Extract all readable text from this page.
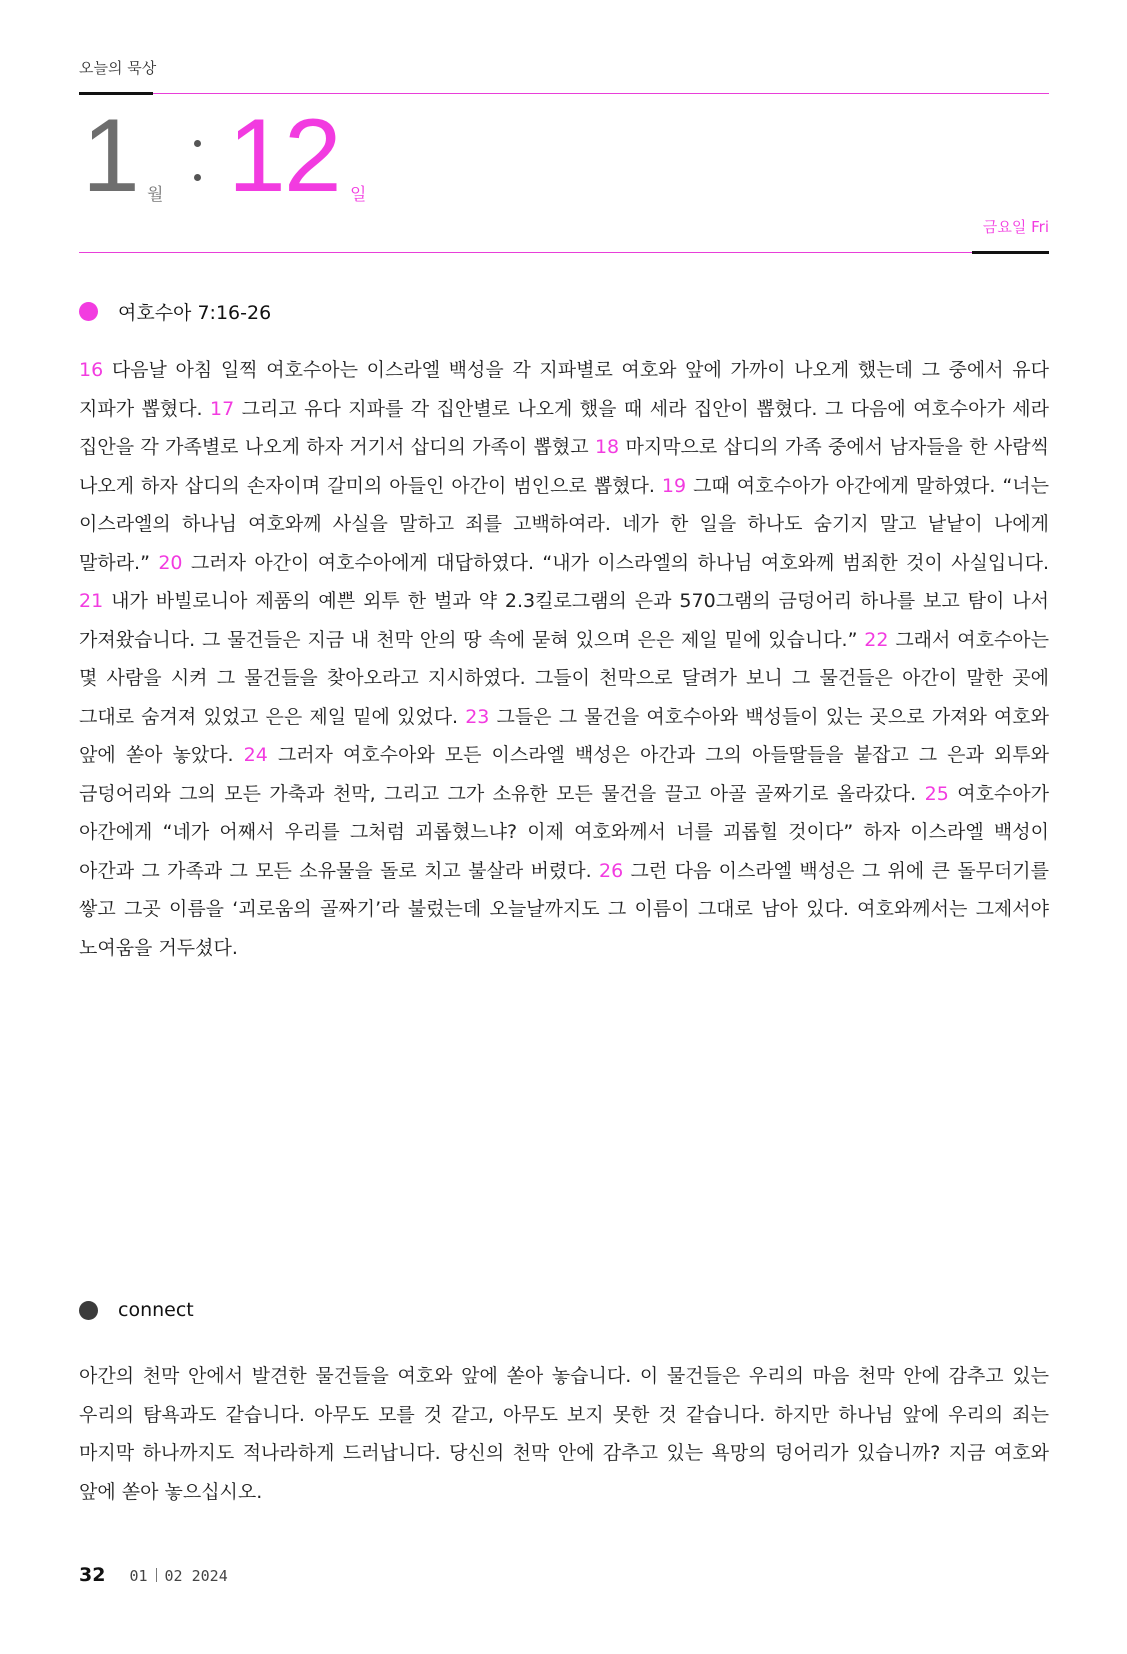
오늘의 묵상
1 월 12 일
금요일 Fri
여호수아 7:16-26
16 다음날 아침 일찍 여호수아는 이스라엘 백성을 각 지파별로 여호와 앞에 가까이 나오게 했는데 그 중에서 유다 지파가 뽑혔다. 17 그리고 유다 지파를 각 집안별로 나오게 했을 때 세라 집안이 뽑혔다. 그 다음에 여호수아가 세라 집안을 각 가족별로 나오게 하자 거기서 삽디의 가족이 뽑혔고 18 마지막으로 삽디의 가족 중에서 남자들을 한 사람씩 나오게 하자 삽디의 손자이며 갈미의 아들인 아간이 범인으로 뽑혔다. 19 그때 여호수아가 아간에게 말하였다. “너는 이스라엘의 하나님 여호와께 사실을 말하고 죄를 고백하여라. 네가 한 일을 하나도 숨기지 말고 낱낱이 나에게 말하라.” 20 그러자 아간이 여호수아에게 대답하였다. “내가 이스라엘의 하나님 여호와께 범죄한 것이 사실입니다. 21 내가 바빌로니아 제품의 예쁜 외투 한 벌과 약 2.3킬로그램의 은과 570그램의 금덩어리 하나를 보고 탐이 나서 가져왔습니다. 그 물건들은 지금 내 천막 안의 땅 속에 묻혀 있으며 은은 제일 밑에 있습니다.” 22 그래서 여호수아는 몇 사람을 시켜 그 물건들을 찾아오라고 지시하였다. 그들이 천막으로 달려가 보니 그 물건들은 아간이 말한 곳에 그대로 숨겨져 있었고 은은 제일 밑에 있었다. 23 그들은 그 물건을 여호수아와 백성들이 있는 곳으로 가져와 여호와 앞에 쏟아 놓았다. 24 그러자 여호수아와 모든 이스라엘 백성은 아간과 그의 아들딸들을 붙잡고 그 은과 외투와 금덩어리와 그의 모든 가축과 천막, 그리고 그가 소유한 모든 물건을 끌고 아골 골짜기로 올라갔다. 25 여호수아가 아간에게 “네가 어째서 우리를 그처럼 괴롭혔느냐? 이제 여호와께서 너를 괴롭힐 것이다” 하자 이스라엘 백성이 아간과 그 가족과 그 모든 소유물을 돌로 치고 불살라 버렸다. 26 그런 다음 이스라엘 백성은 그 위에 큰 돌무더기를 쌓고 그곳 이름을 ‘괴로움의 골짜기’라 불렀는데 오늘날까지도 그 이름이 그대로 남아 있다. 여호와께서는 그제서야 노여움을 거두셨다.
connect
아간의 천막 안에서 발견한 물건들을 여호와 앞에 쏟아 놓습니다. 이 물건들은 우리의 마음 천막 안에 감추고 있는 우리의 탐욕과도 같습니다. 아무도 모를 것 같고, 아무도 보지 못한 것 같습니다. 하지만 하나님 앞에 우리의 죄는 마지막 하나까지도 적나라하게 드러납니다. 당신의 천막 안에 감추고 있는 욕망의 덩어리가 있습니까? 지금 여호와 앞에 쏟아 놓으십시오.
32 01 02 2024
